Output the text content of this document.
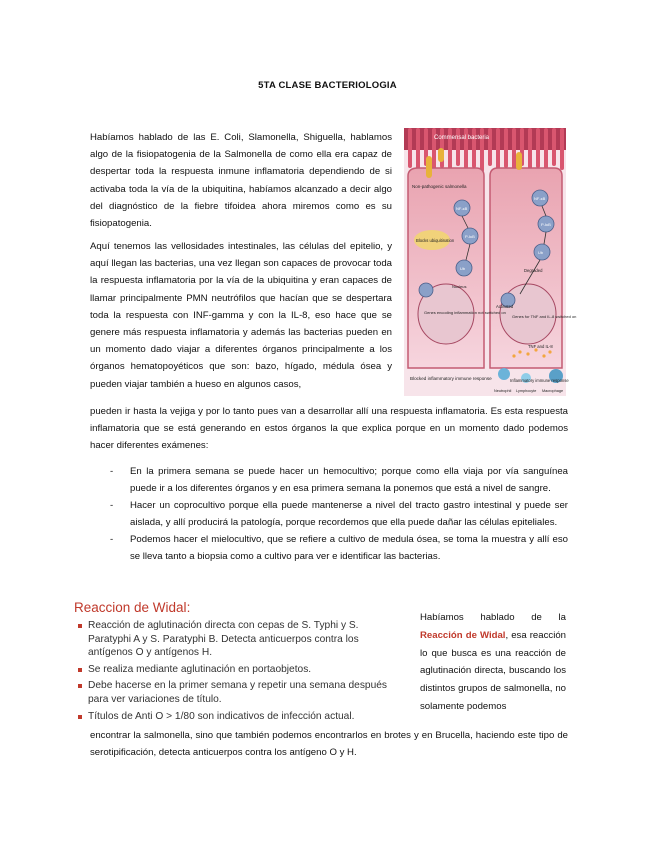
5TA CLASE BACTERIOLOGIA

Habíamos hablado de las E. Coli, Slamonella, Shiguella, hablamos algo de la fisiopatogenia de la Salmonella de como ella era capaz de despertar toda la respuesta inmune inflamatoria dependiendo de si activaba toda la vía de la ubiquitina, habíamos alcanzado a decir algo del diagnóstico de la fiebre tifoidea ahora miremos como es su fisiopatogenia.

Aquí tenemos las vellosidades intestinales, las células del epitelio, y aquí llegan las bacterias, una vez llegan son capaces de provocar toda la respuesta inflamatoria por la vía de la ubiquitina y eran capaces de llamar principalmente PMN neutrófilos que hacían que se despertara toda la respuesta con INF-gamma y con la IL-8, eso hace que se genere más respuesta inflamatoria y además las bacterias pueden en un momento dado viajar a diferentes órganos principalmente a los órganos hematopoyéticos que son: bazo, hígado, médula ósea y pueden viajar también a hueso en algunos casos,

pueden ir hasta la vejiga y por lo tanto pues van a desarrollar allí una respuesta inflamatoria. Es esta respuesta inflamatoria que se está generando en estos órganos la que explica porque en un momento dado podemos hacer diferentes exámenes:

Commensal bacteria
Non-pathogenic salmonella
Blocks ubiquitination
NF-κB
P-IκB
Ub
Nucleus
Genes encoding inflammation not switched on
NF-κB
P-IκB
Ub
Degraded
Activated
Genes for TNF and IL-8 switched on
TNF and IL-8
Blocked inflammatory immune response	Inflammatory immune response
Neutrophil Lymphocyte Macrophage
- En la primera semana se puede hacer un hemocultivo; porque como ella viaja por vía sanguínea puede ir a los diferentes órganos y en esa primera semana la ponemos que está a nivel de sangre.
- Hacer un coprocultivo porque ella puede mantenerse a nivel del tracto gastro intestinal y puede ser aislada, y allí producirá la patología, porque recordemos que ella puede dañar las células epiteliales.
- Podemos hacer el mielocultivo, que se refiere a cultivo de medula ósea, se toma la muestra y allí eso se lleva tanto a biopsia como a cultivo para ver e identificar las bacterias.
Reaccion de Widal:
Reacción de aglutinación directa con cepas de S. Typhi y S. Paratyphi A y S. Paratyphi B. Detecta anticuerpos contra los antígenos O y antígenos H.
Se realiza mediante aglutinación en portaobjetos.
Debe hacerse en la primer semana y repetir una semana después para ver variaciones de título.
Títulos de Anti O > 1/80 son indicativos de infección actual.

Habíamos hablado de la Reacción de Widal, esa reacción lo que busca es una reacción de aglutinación directa, buscando los distintos grupos de salmonella, no solamente podemos

encontrar la salmonella, sino que también podemos encontrarlos en brotes y en Brucella, haciendo este tipo de serotipificación, detecta anticuerpos contra los antígeno O y H.
